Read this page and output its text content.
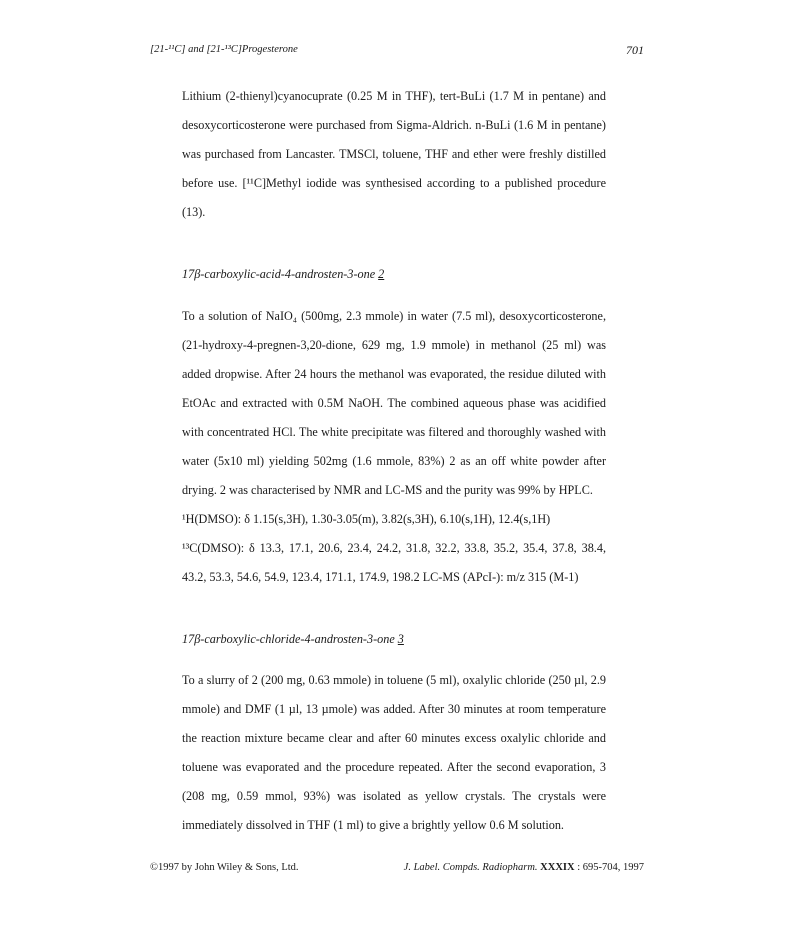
[21-¹¹C] and [21-¹³C]Progesterone	701

Lithium (2-thienyl)cyanocuprate (0.25 M in THF), tert-BuLi (1.7 M in pentane) and desoxycorticosterone were purchased from Sigma-Aldrich. n-BuLi (1.6 M in pentane) was purchased from Lancaster. TMSCl, toluene, THF and ether were freshly distilled before use. [¹¹C]Methyl iodide was synthesised according to a published procedure (13).

17β-carboxylic-acid-4-androsten-3-one 2

To a solution of NaIO₄ (500mg, 2.3 mmole) in water (7.5 ml), desoxycorticosterone, (21-hydroxy-4-pregnen-3,20-dione, 629 mg, 1.9 mmole) in methanol (25 ml) was added dropwise. After 24 hours the methanol was evaporated, the residue diluted with EtOAc and extracted with 0.5M NaOH. The combined aqueous phase was acidified with concentrated HCl. The white precipitate was filtered and thoroughly washed with water (5x10 ml) yielding 502mg (1.6 mmole, 83%) 2 as an off white powder after drying. 2 was characterised by NMR and LC-MS and the purity was 99% by HPLC.

¹H(DMSO): δ 1.15(s,3H), 1.30-3.05(m), 3.82(s,3H), 6.10(s,1H), 12.4(s,1H)

¹³C(DMSO): δ 13.3, 17.1, 20.6, 23.4, 24.2, 31.8, 32.2, 33.8, 35.2, 35.4, 37.8, 38.4, 43.2, 53.3, 54.6, 54.9, 123.4, 171.1, 174.9, 198.2 LC-MS (APcI-): m/z 315 (M-1)

17β-carboxylic-chloride-4-androsten-3-one 3

To a slurry of 2 (200 mg, 0.63 mmole) in toluene (5 ml), oxalylic chloride (250 µl, 2.9 mmole) and DMF (1 µl, 13 µmole) was added. After 30 minutes at room temperature the reaction mixture became clear and after 60 minutes excess oxalylic chloride and toluene was evaporated and the procedure repeated. After the second evaporation, 3 (208 mg, 0.59 mmol, 93%) was isolated as yellow crystals. The crystals were immediately dissolved in THF (1 ml) to give a brightly yellow 0.6 M solution.

©1997 by John Wiley & Sons, Ltd.	J. Label. Compds. Radiopharm. XXXIX : 695-704, 1997
